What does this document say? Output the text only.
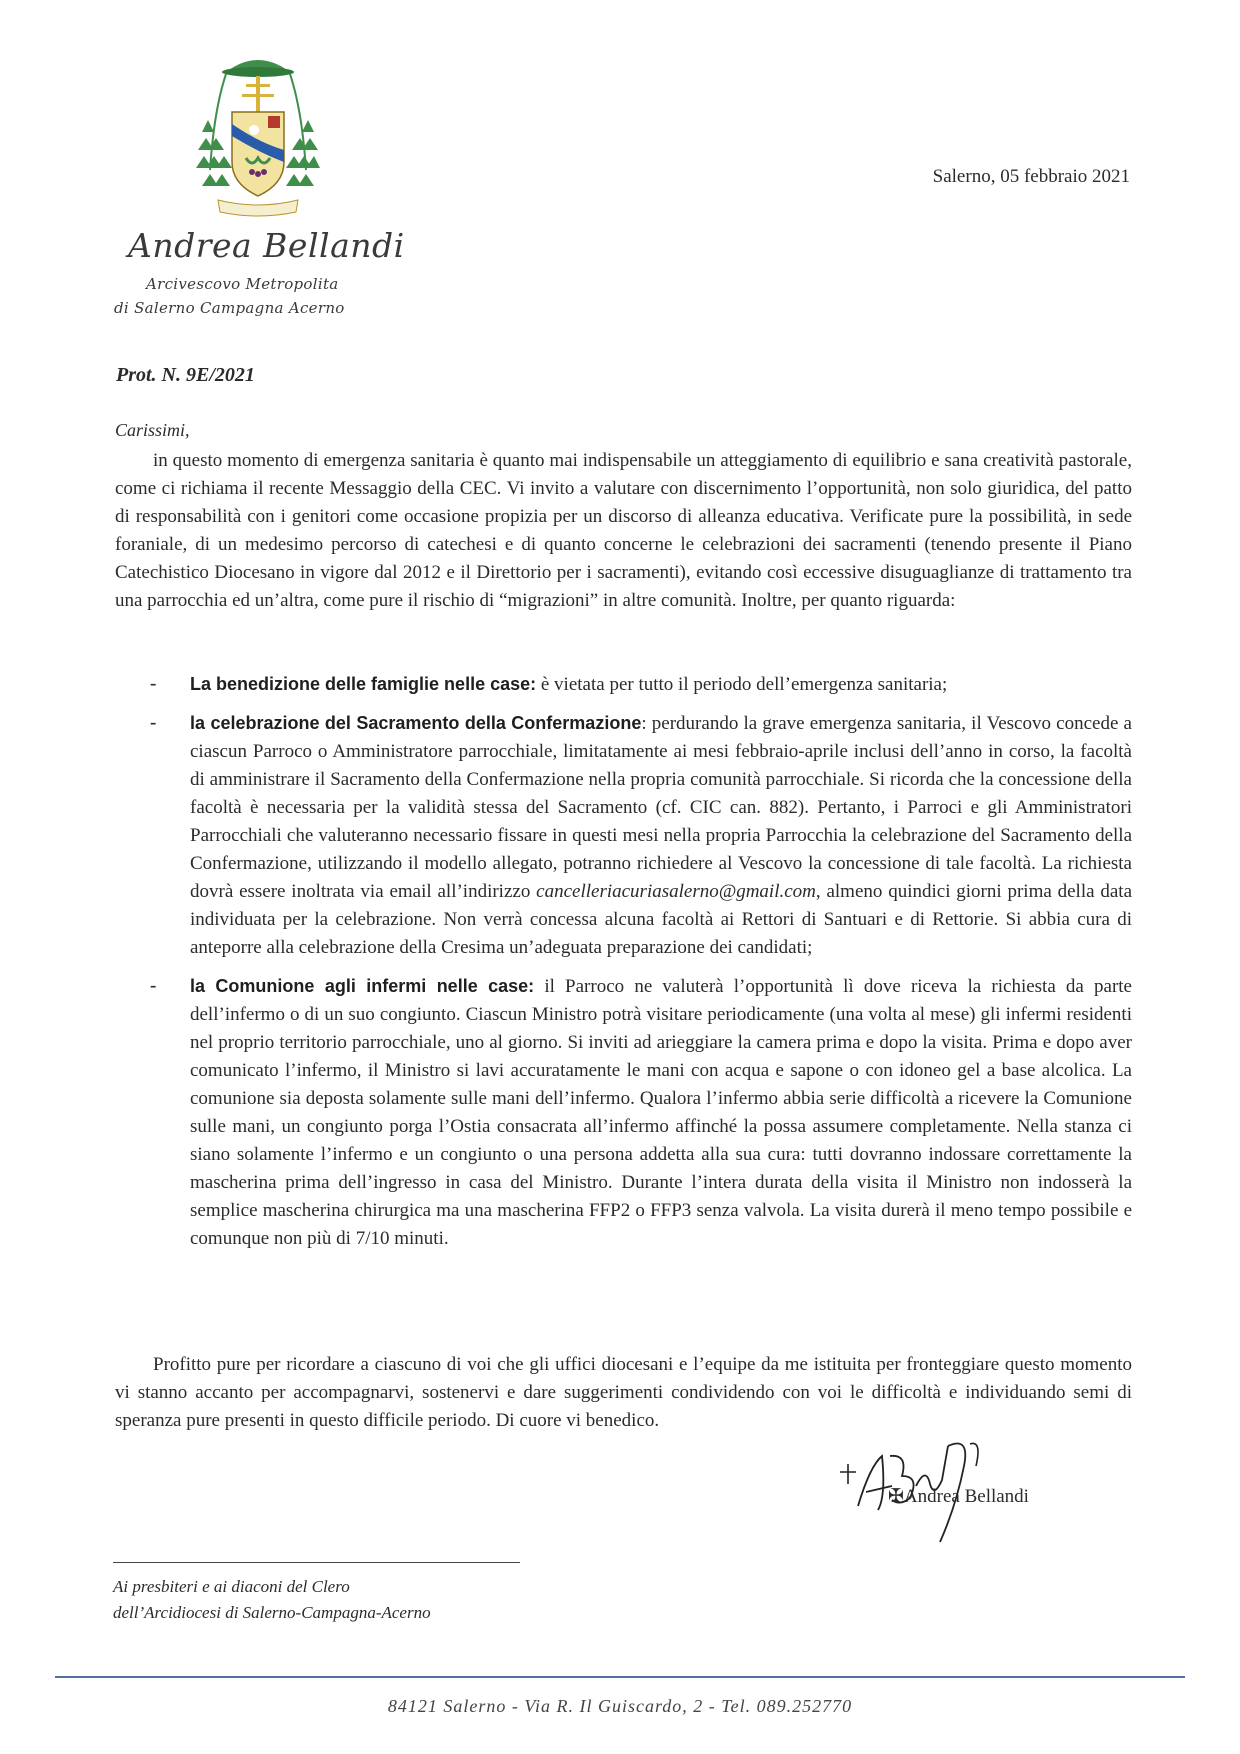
Salerno, 05 febbraio 2021
Andrea Bellandi
Arcivescovo Metropolita
di Salerno Campagna Acerno
Prot. N. 9E/2021
Carissimi,
in questo momento di emergenza sanitaria è quanto mai indispensabile un atteggiamento di equilibrio e sana creatività pastorale, come ci richiama il recente Messaggio della CEC. Vi invito a valutare con discernimento l’opportunità, non solo giuridica, del patto di responsabilità con i genitori come occasione propizia per un discorso di alleanza educativa. Verificate pure la possibilità, in sede foraniale, di un medesimo percorso di catechesi e di quanto concerne le celebrazioni dei sacramenti (tenendo presente il Piano Catechistico Diocesano in vigore dal 2012 e il Direttorio per i sacramenti), evitando così eccessive disuguaglianze di trattamento tra una parrocchia ed un’altra, come pure il rischio di “migrazioni” in altre comunità. Inoltre, per quanto riguarda:
- La benedizione delle famiglie nelle case: è vietata per tutto il periodo dell’emergenza sanitaria;
- la celebrazione del Sacramento della Confermazione: perdurando la grave emergenza sanitaria, il Vescovo concede a ciascun Parroco o Amministratore parrocchiale, limitatamente ai mesi febbraio-aprile inclusi dell’anno in corso, la facoltà di amministrare il Sacramento della Confermazione nella propria comunità parrocchiale. Si ricorda che la concessione della facoltà è necessaria per la validità stessa del Sacramento (cf. CIC can. 882). Pertanto, i Parroci e gli Amministratori Parrocchiali che valuteranno necessario fissare in questi mesi nella propria Parrocchia la celebrazione del Sacramento della Confermazione, utilizzando il modello allegato, potranno richiedere al Vescovo la concessione di tale facoltà. La richiesta dovrà essere inoltrata via email all’indirizzo cancelleriacuriasalerno@gmail.com, almeno quindici giorni prima della data individuata per la celebrazione. Non verrà concessa alcuna facoltà ai Rettori di Santuari e di Rettorie. Si abbia cura di anteporre alla celebrazione della Cresima un’adeguata preparazione dei candidati;
- la Comunione agli infermi nelle case: il Parroco ne valuterà l’opportunità lì dove riceva la richiesta da parte dell’infermo o di un suo congiunto. Ciascun Ministro potrà visitare periodicamente (una volta al mese) gli infermi residenti nel proprio territorio parrocchiale, uno al giorno. Si inviti ad arieggiare la camera prima e dopo la visita. Prima e dopo aver comunicato l’infermo, il Ministro si lavi accuratamente le mani con acqua e sapone o con idoneo gel a base alcolica. La comunione sia deposta solamente sulle mani dell’infermo. Qualora l’infermo abbia serie difficoltà a ricevere la Comunione sulle mani, un congiunto porga l’Ostia consacrata all’infermo affinché la possa assumere completamente. Nella stanza ci siano solamente l’infermo e un congiunto o una persona addetta alla sua cura: tutti dovranno indossare correttamente la mascherina prima dell’ingresso in casa del Ministro. Durante l’intera durata della visita il Ministro non indosserà la semplice mascherina chirurgica ma una mascherina FFP2 o FFP3 senza valvola. La visita durerà il meno tempo possibile e comunque non più di 7/10 minuti.
Profitto pure per ricordare a ciascuno di voi che gli uffici diocesani e l’equipe da me istituita per fronteggiare questo momento vi stanno accanto per accompagnarvi, sostenervi e dare suggerimenti condividendo con voi le difficoltà e individuando semi di speranza pure presenti in questo difficile periodo. Di cuore vi benedico.
✠Andrea Bellandi
Ai presbiteri e ai diaconi del Clero
dell’Arcidiocesi di Salerno-Campagna-Acerno
84121 Salerno - Via R. Il Guiscardo, 2 - Tel. 089.252770
